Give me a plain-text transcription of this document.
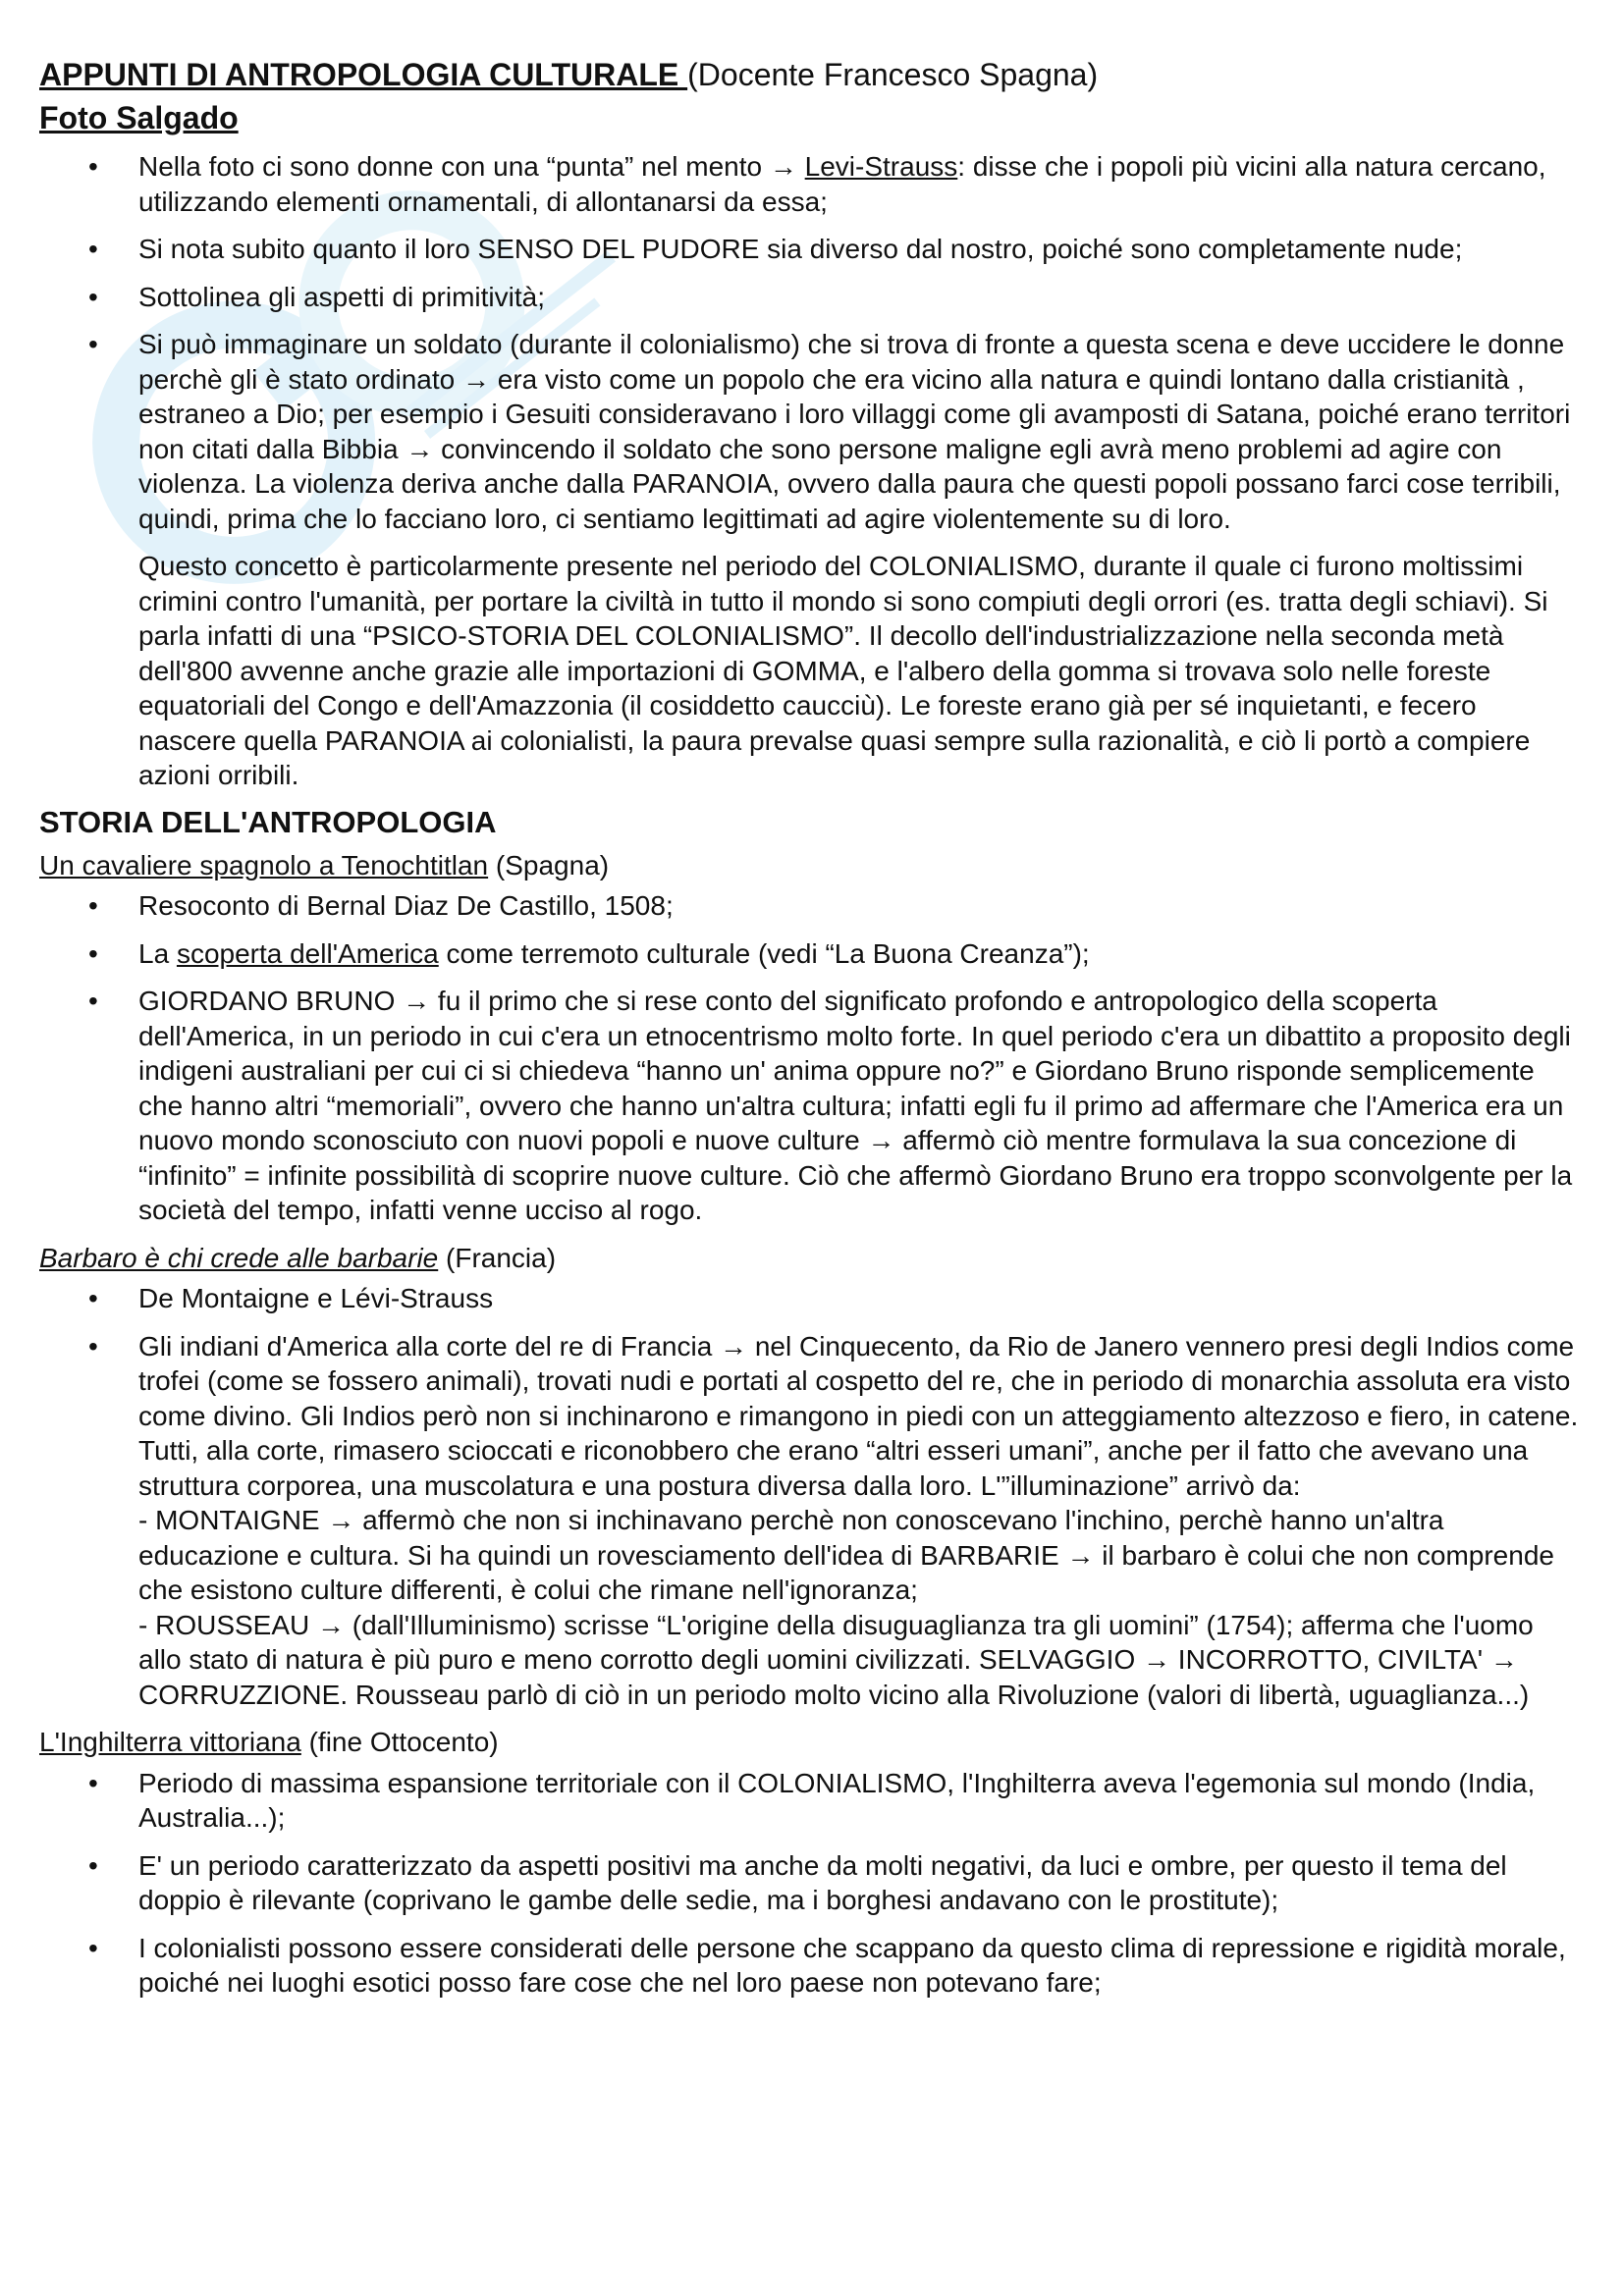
APPUNTI DI ANTROPOLOGIA CULTURALE (Docente Francesco Spagna)
Foto Salgado
• Nella foto ci sono donne con una “punta” nel mento → Levi-Strauss: disse che i popoli più vicini alla natura cercano, utilizzando elementi ornamentali, di allontanarsi da essa;
• Si nota subito quanto il loro SENSO DEL PUDORE sia diverso dal nostro, poiché sono completamente nude;
• Sottolinea gli aspetti di primitività;
• Si può immaginare un soldato (durante il colonialismo) che si trova di fronte a questa scena e deve uccidere le donne perchè gli è stato ordinato → era visto come un popolo che era vicino alla natura e quindi lontano dalla cristianità , estraneo a Dio; per esempio i Gesuiti consideravano i loro villaggi come gli avamposti di Satana, poiché erano territori non citati dalla Bibbia → convincendo il soldato che sono persone maligne egli avrà meno problemi ad agire con violenza. La violenza deriva anche dalla PARANOIA, ovvero dalla paura che questi popoli possano farci cose terribili, quindi, prima che lo facciano loro, ci sentiamo legittimati ad agire violentemente su di loro.
Questo concetto è particolarmente presente nel periodo del COLONIALISMO, durante il quale ci furono moltissimi crimini contro l'umanità, per portare la civiltà in tutto il mondo si sono compiuti degli orrori (es. tratta degli schiavi). Si parla infatti di una “PSICO-STORIA DEL COLONIALISMO”. Il decollo dell'industrializzazione nella seconda metà dell'800 avvenne anche grazie alle importazioni di GOMMA, e l'albero della gomma si trovava solo nelle foreste equatoriali del Congo e dell'Amazzonia (il cosiddetto caucciù). Le foreste erano già per sé inquietanti, e fecero nascere quella PARANOIA ai colonialisti, la paura prevalse quasi sempre sulla razionalità, e ciò li portò a compiere azioni orribili.
STORIA DELL'ANTROPOLOGIA
Un cavaliere spagnolo a Tenochtitlan (Spagna)
• Resoconto di Bernal Diaz De Castillo, 1508;
• La scoperta dell'America come terremoto culturale (vedi “La Buona Creanza”);
• GIORDANO BRUNO → fu il primo che si rese conto del significato profondo e antropologico della scoperta dell'America, in un periodo in cui c'era un etnocentrismo molto forte. In quel periodo c'era un dibattito a proposito degli indigeni australiani per cui ci si chiedeva “hanno un' anima oppure no?” e Giordano Bruno risponde semplicemente che hanno altri “memoriali”, ovvero che hanno un'altra cultura; infatti egli fu il primo ad affermare che l'America era un nuovo mondo sconosciuto con nuovi popoli e nuove culture → affermò ciò mentre formulava la sua concezione di “infinito” = infinite possibilità di scoprire nuove culture. Ciò che affermò Giordano Bruno era troppo sconvolgente per la società del tempo, infatti venne ucciso al rogo.
Barbaro è chi crede alle barbarie (Francia)
• De Montaigne e Lévi-Strauss
• Gli indiani d'America alla corte del re di Francia → nel Cinquecento, da Rio de Janero vennero presi degli Indios come trofei (come se fossero animali), trovati nudi e portati al cospetto del re, che in periodo di monarchia assoluta era visto come divino. Gli Indios però non si inchinarono e rimangono in piedi con un atteggiamento altezzoso e fiero, in catene. Tutti, alla corte, rimasero scioccati e riconobbero che erano “altri esseri umani”, anche per il fatto che avevano una struttura corporea, una muscolatura e una postura diversa dalla loro. L'”illuminazione” arrivò da:
- MONTAIGNE → affermò che non si inchinavano perchè non conoscevano l'inchino, perchè hanno un'altra educazione e cultura. Si ha quindi un rovesciamento dell'idea di BARBARIE → il barbaro è colui che non comprende che esistono culture differenti, è colui che rimane nell'ignoranza;
- ROUSSEAU → (dall'Illuminismo) scrisse “L'origine della disuguaglianza tra gli uomini” (1754); afferma che l'uomo allo stato di natura è più puro e meno corrotto degli uomini civilizzati. SELVAGGIO → INCORROTTO, CIVILTA' → CORRUZZIONE. Rousseau parlò di ciò in un periodo molto vicino alla Rivoluzione (valori di libertà, uguaglianza...)
L'Inghilterra vittoriana (fine Ottocento)
• Periodo di massima espansione territoriale con il COLONIALISMO, l'Inghilterra aveva l'egemonia sul mondo (India, Australia...);
• E' un periodo caratterizzato da aspetti positivi ma anche da molti negativi, da luci e ombre, per questo il tema del doppio è rilevante (coprivano le gambe delle sedie, ma i borghesi andavano con le prostitute);
• I colonialisti possono essere considerati delle persone che scappano da questo clima di repressione e rigidità morale, poiché nei luoghi esotici posso fare cose che nel loro paese non potevano fare;
